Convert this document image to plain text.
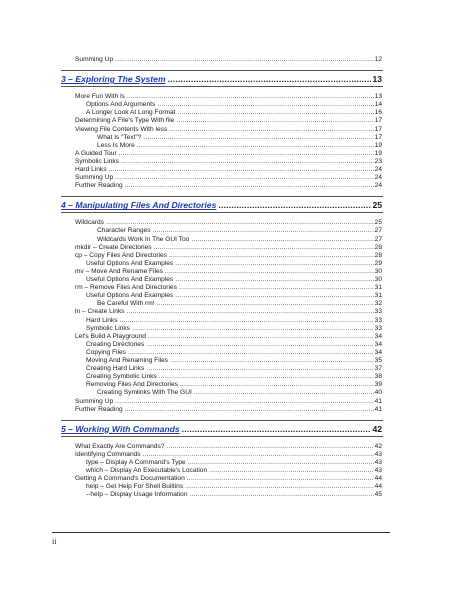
ii
Summing Up .....	12
3 – Exploring The System .....	13
More Fun With ls .....	13
Options And Arguments .....	14
A Longer Look At Long Format .....	16
Determining A File's Type With file .....	17
Viewing File Contents With less .....	17
What Is “Text”? .....	17
Less Is More .....	19
A Guided Tour .....	19
Symbolic Links .....	23
Hard Links .....	24
Summing Up .....	24
Further Reading .....	24
4 – Manipulating Files And Directories .....	25
Wildcards .....	25
Character Ranges .....	27
Wildcards Work In The GUI Too .....	27
mkdir – Create Directories .....	28
cp – Copy Files And Directories .....	28
Useful Options And Examples .....	29
mv – Move And Rename Files .....	30
Useful Options And Examples .....	30
rm – Remove Files And Directories .....	31
Useful Options And Examples .....	31
Be Careful With rm! .....	32
ln – Create Links .....	33
Hard Links .....	33
Symbolic Links .....	33
Let's Build A Playground .....	34
Creating Directories .....	34
Copying Files .....	34
Moving And Renaming Files .....	35
Creating Hard Links .....	37
Creating Symbolic Links .....	38
Removing Files And Directories .....	39
Creating Symlinks With The GUI .....	40
Summing Up .....	41
Further Reading .....	41
5 – Working With Commands .....	42
What Exactly Are Commands? .....	42
Identifying Commands .....	43
type – Display A Command's Type .....	43
which – Display An Executable's Location .....	43
Getting A Command's Documentation .....	44
help – Get Help For Shell Builtins .....	44
--help – Display Usage Information .....	45
